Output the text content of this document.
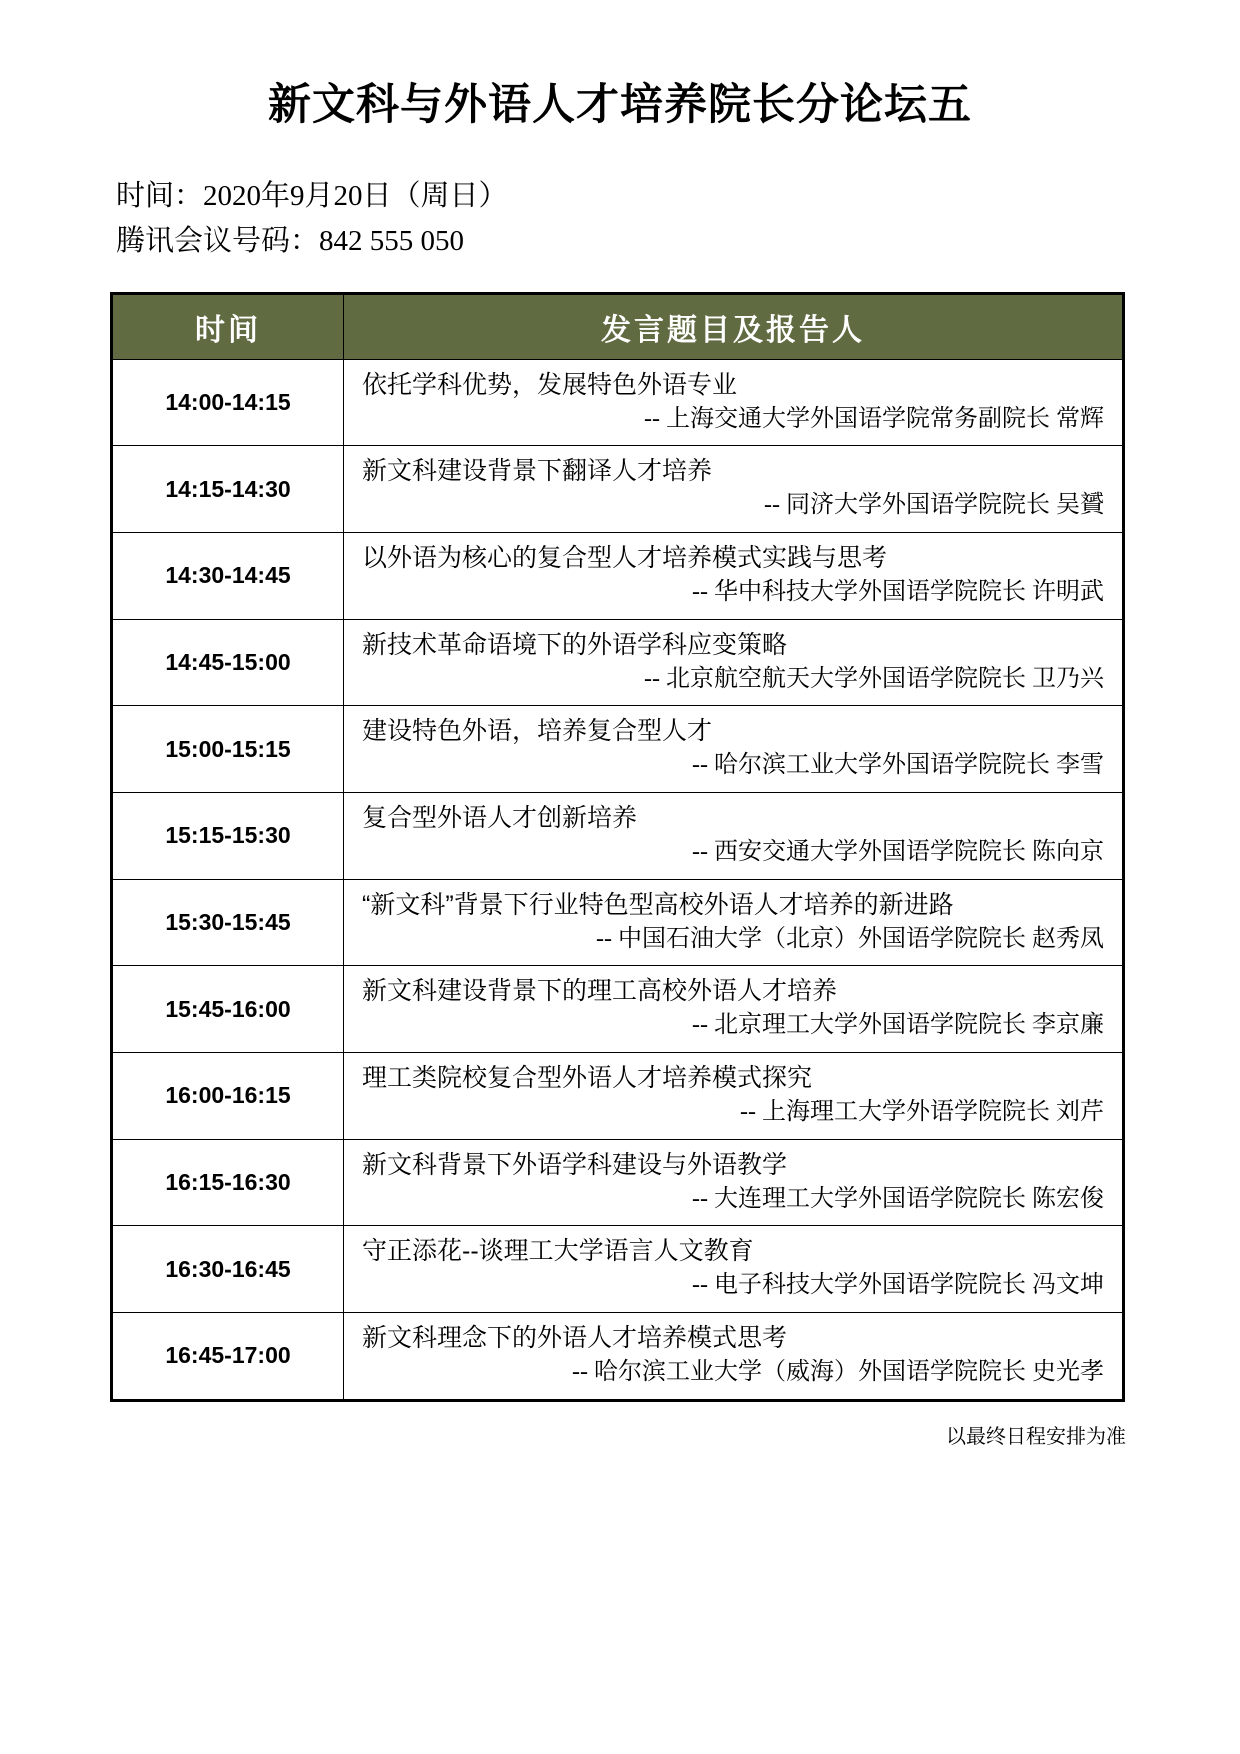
新文科与外语人才培养院长分论坛五
时间：2020年9月20日（周日）
腾讯会议号码：842 555 050
时间	发言题目及报告人
14:00-14:15	依托学科优势，发展特色外语专业
-- 上海交通大学外国语学院常务副院长 常辉

14:15-14:30	新文科建设背景下翻译人才培养
-- 同济大学外国语学院院长 吴贇

14:30-14:45	以外语为核心的复合型人才培养模式实践与思考
-- 华中科技大学外国语学院院长 许明武

14:45-15:00	新技术革命语境下的外语学科应变策略
-- 北京航空航天大学外国语学院院长 卫乃兴

15:00-15:15	建设特色外语，培养复合型人才
-- 哈尔滨工业大学外国语学院院长 李雪

15:15-15:30	复合型外语人才创新培养
-- 西安交通大学外国语学院院长 陈向京

15:30-15:45	“新文科”背景下行业特色型高校外语人才培养的新进路
-- 中国石油大学（北京）外国语学院院长 赵秀凤

15:45-16:00	新文科建设背景下的理工高校外语人才培养
-- 北京理工大学外国语学院院长 李京廉

16:00-16:15	理工类院校复合型外语人才培养模式探究
-- 上海理工大学外语学院院长 刘芹

16:15-16:30	新文科背景下外语学科建设与外语教学
-- 大连理工大学外国语学院院长 陈宏俊

16:30-16:45	守正添花--谈理工大学语言人文教育
-- 电子科技大学外国语学院院长 冯文坤

16:45-17:00	新文科理念下的外语人才培养模式思考
-- 哈尔滨工业大学（威海）外国语学院院长 史光孝
以最终日程安排为准
